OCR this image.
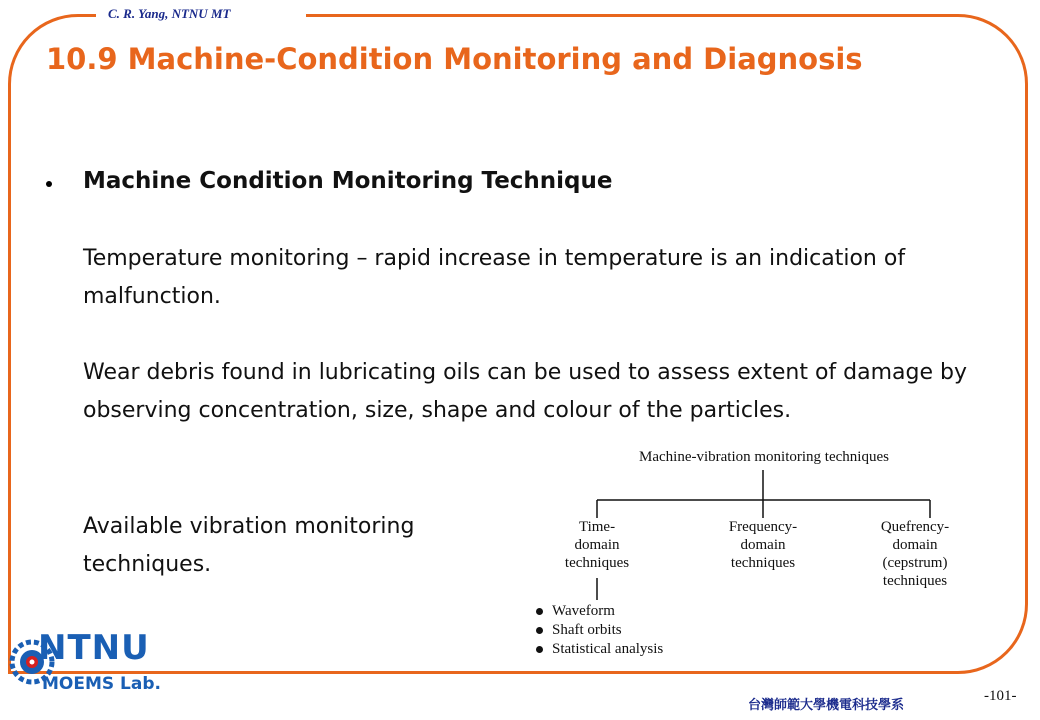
C. R. Yang, NTNU MT
10.9 Machine-Condition Monitoring and Diagnosis

Machine Condition Monitoring Technique

Temperature monitoring – rapid increase in temperature is an indication of malfunction.

Wear debris found in lubricating oils can be used to assess extent of damage by observing concentration, size, shape and colour of the particles.

Available vibration monitoring techniques.

Machine-vibration monitoring techniques

Time-
domain
techniques

Frequency-
domain
techniques

Quefrency-
domain
(cepstrum)
techniques

Waveform
Shaft orbits
Statistical analysis
NTNU
MOEMS Lab.
台灣師範大學機電科技學系
-101-
